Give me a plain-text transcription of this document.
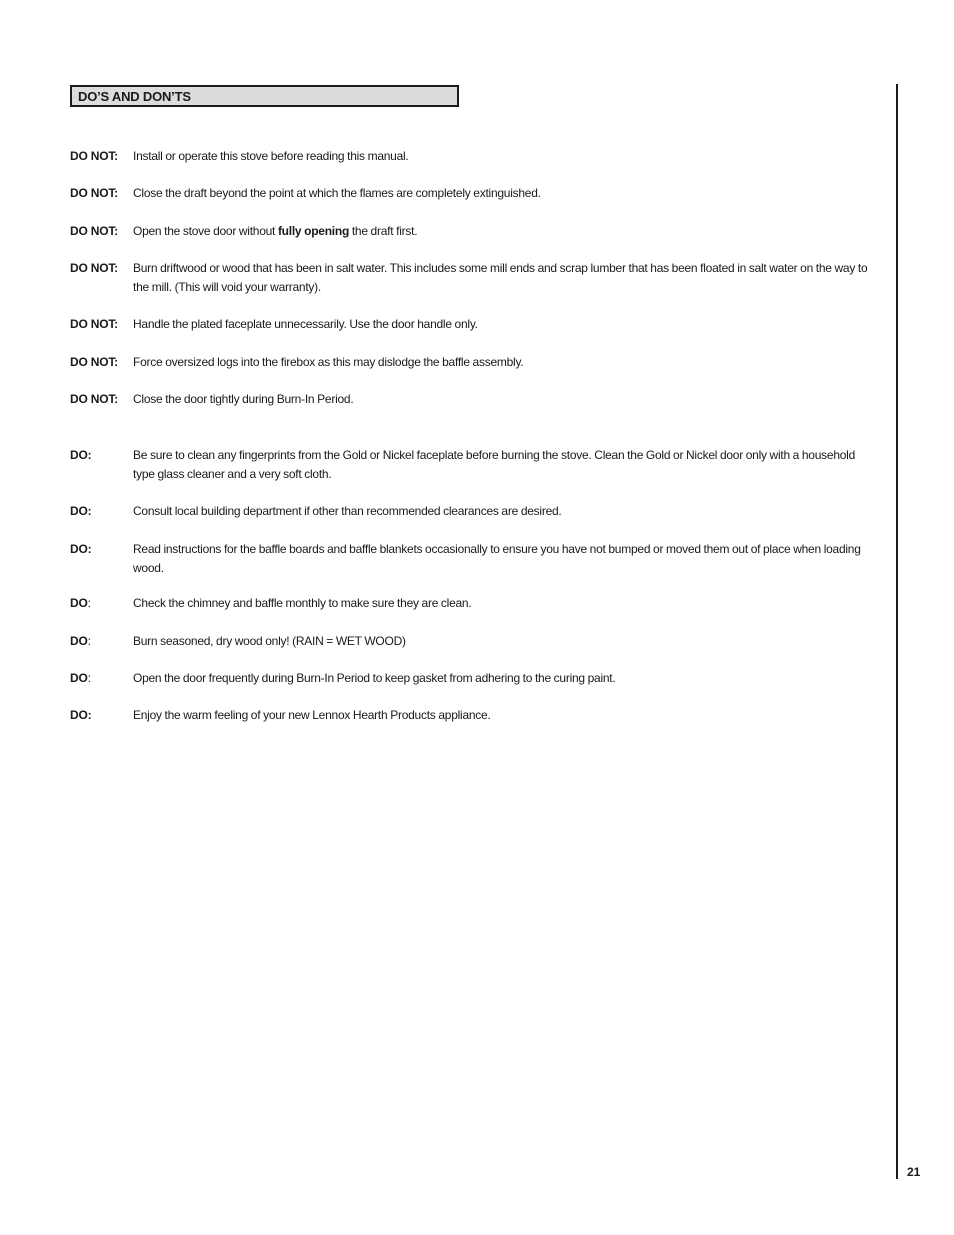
DO’S AND DON’TS
DO NOT: Install or operate this stove before reading this manual.
DO NOT: Close the draft beyond the point at which the flames are completely extinguished.
DO NOT: Open the stove door without fully opening the draft first.
DO NOT: Burn driftwood or wood that has been in salt water. This includes some mill ends and scrap lumber that has been floated in salt water on the way to the mill. (This will void your warranty).
DO NOT: Handle the plated faceplate unnecessarily. Use the door handle only.
DO NOT: Force oversized logs into the firebox as this may dislodge the baffle assembly.
DO NOT: Close the door tightly during Burn-In Period.
DO:	Be sure to clean any fingerprints from the Gold or Nickel faceplate before burning the stove. Clean the Gold or Nickel door only with a household type glass cleaner and a very soft cloth.
DO:	Consult local building department if other than recommended clearances are desired.
DO:	Read instructions for the baffle boards and baffle blankets occasionally to ensure you have not bumped or moved them out of place when loading wood.
DO:	Check the chimney and baffle monthly to make sure they are clean.
DO:	Burn seasoned, dry wood only! (RAIN = WET WOOD)
DO:	Open the door frequently during Burn-In Period to keep gasket from adhering to the curing paint.
DO:	Enjoy the warm feeling of your new Lennox Hearth Products appliance.
21
